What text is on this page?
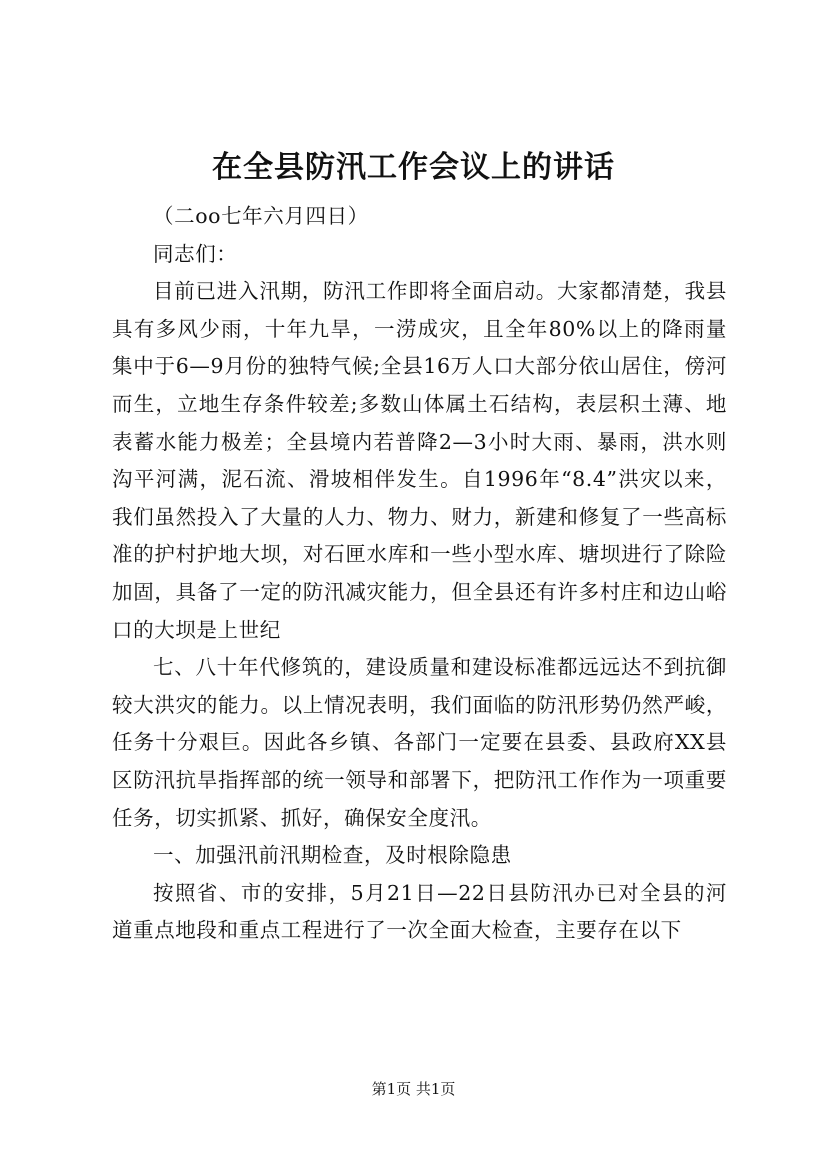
在全县防汛工作会议上的讲话

（二oo七年六月四日）

同志们：

目前已进入汛期，防汛工作即将全面启动。大家都清楚，我县具有多风少雨，十年九旱，一涝成灾，且全年80%以上的降雨量集中于6—9月份的独特气候;全县16万人口大部分依山居住，傍河而生，立地生存条件较差;多数山体属土石结构，表层积土薄、地表蓄水能力极差；全县境内若普降2—3小时大雨、暴雨，洪水则沟平河满，泥石流、滑坡相伴发生。自1996年“8.4”洪灾以来，我们虽然投入了大量的人力、物力、财力，新建和修复了一些高标准的护村护地大坝，对石匣水库和一些小型水库、塘坝进行了除险加固，具备了一定的防汛减灾能力，但全县还有许多村庄和边山峪口的大坝是上世纪

七、八十年代修筑的，建设质量和建设标准都远远达不到抗御较大洪灾的能力。以上情况表明，我们面临的防汛形势仍然严峻，任务十分艰巨。因此各乡镇、各部门一定要在县委、县政府XX县区防汛抗旱指挥部的统一领导和部署下，把防汛工作作为一项重要任务，切实抓紧、抓好，确保安全度汛。

一、加强汛前汛期检查，及时根除隐患

按照省、市的安排，5月21日—22日县防汛办已对全县的河道重点地段和重点工程进行了一次全面大检查，主要存在以下

第1页 共1页
